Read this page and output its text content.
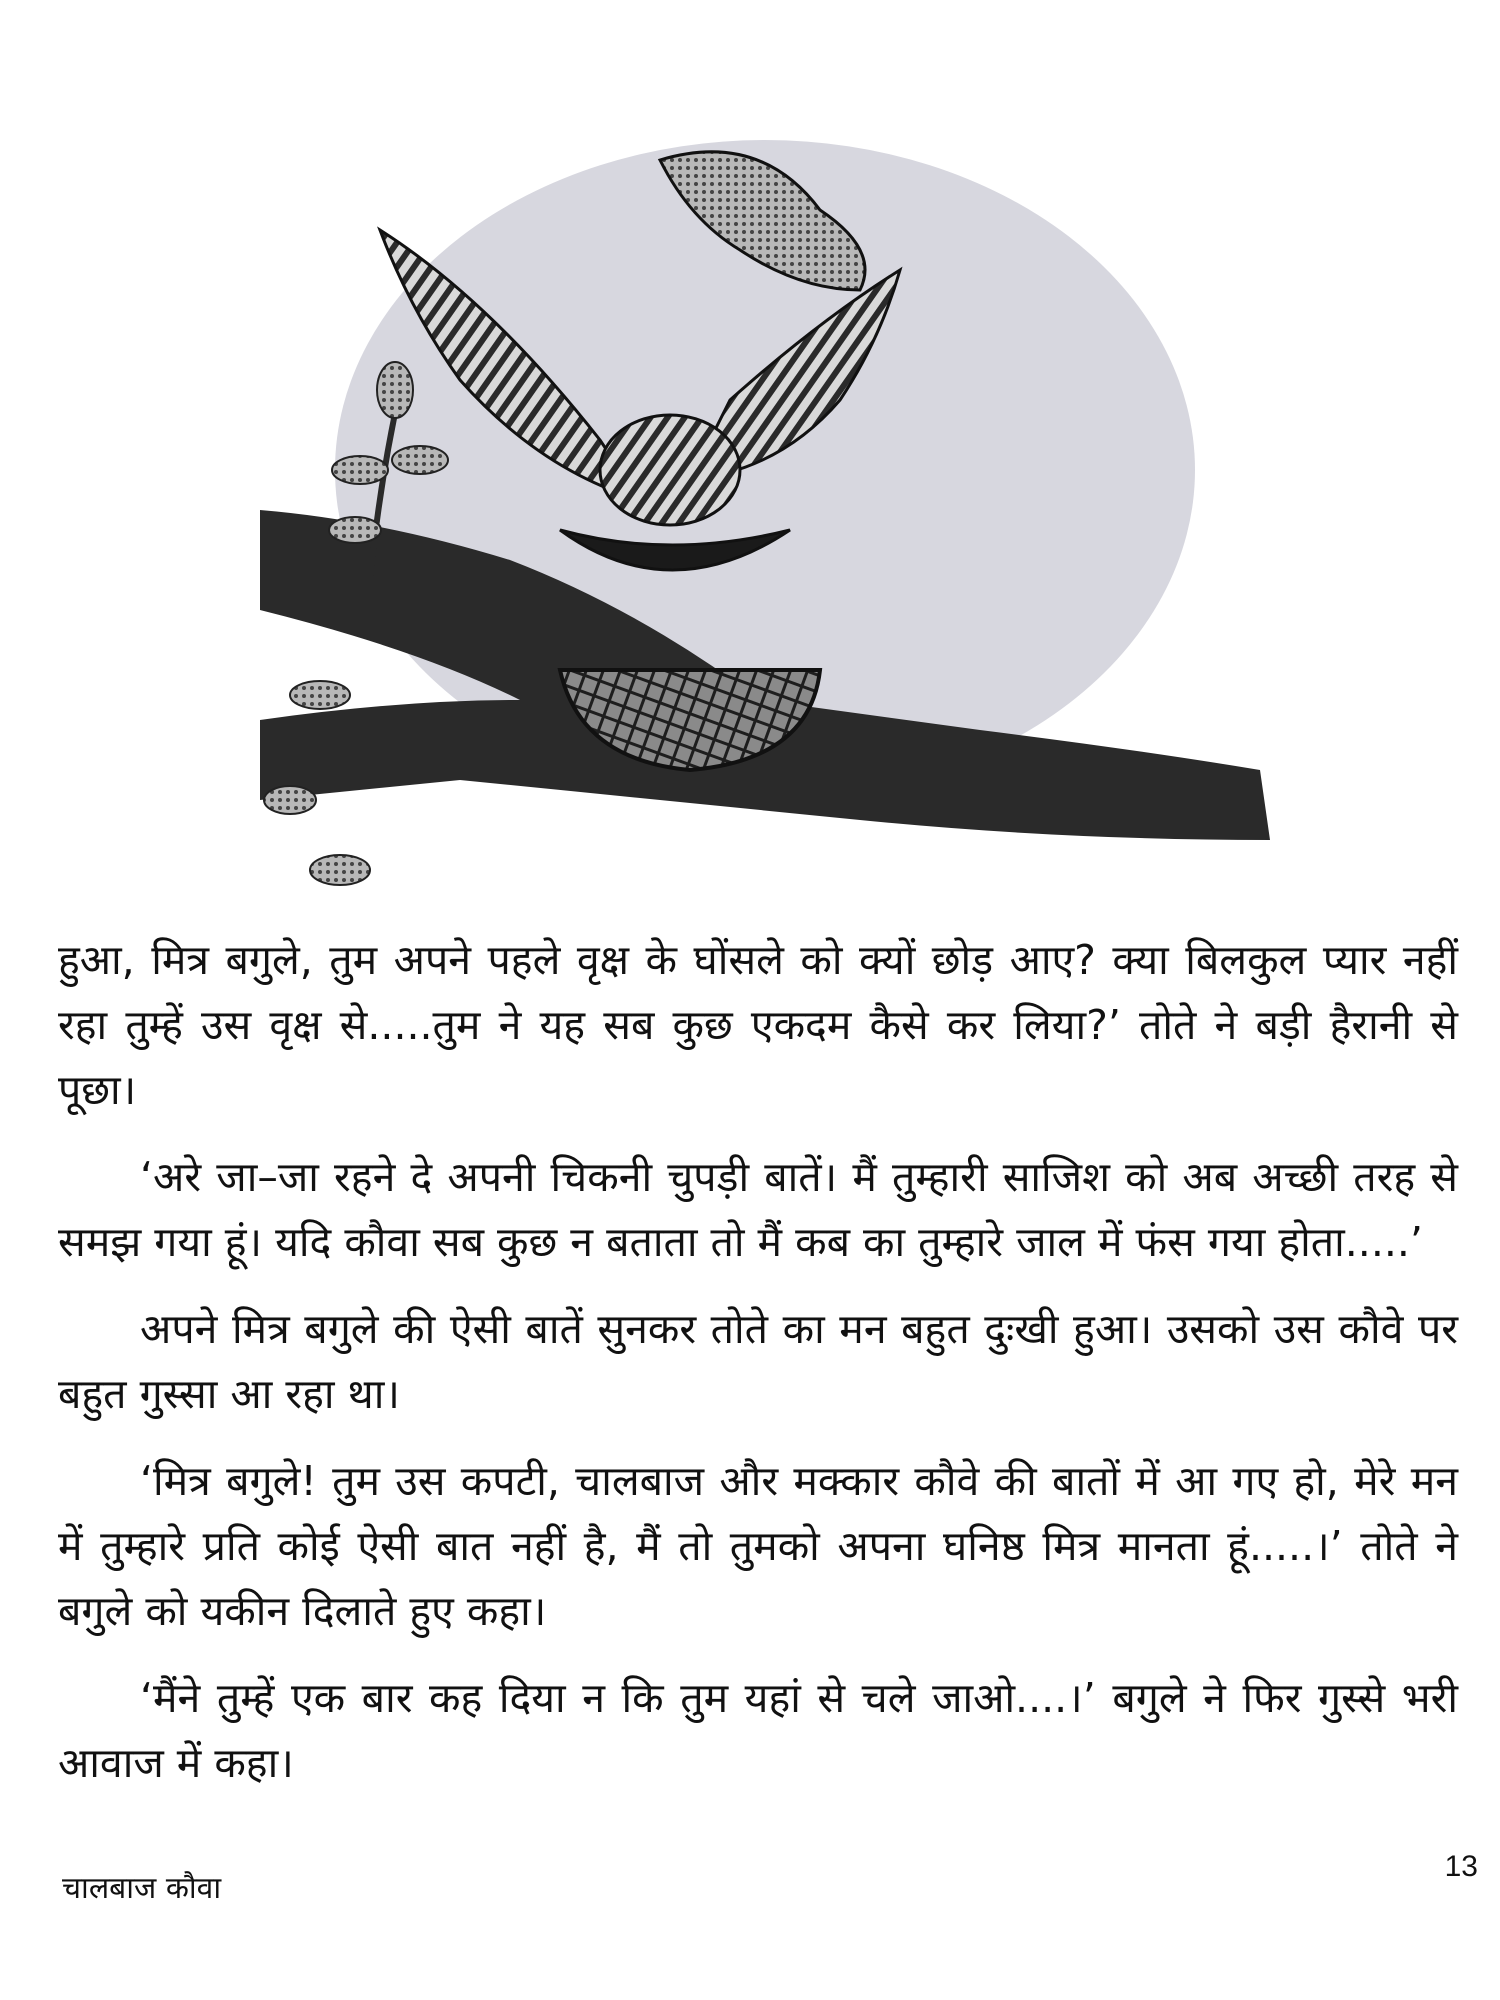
हुआ, मित्र बगुले, तुम अपने पहले वृक्ष के घोंसले को क्यों छोड़ आए? क्या बिलकुल प्यार नहीं रहा तुम्हें उस वृक्ष से.....तुम ने यह सब कुछ एकदम कैसे कर लिया?’ तोते ने बड़ी हैरानी से पूछा।

‘अरे जा–जा रहने दे अपनी चिकनी चुपड़ी बातें। मैं तुम्हारी साजिश को अब अच्छी तरह से समझ गया हूं। यदि कौवा सब कुछ न बताता तो मैं कब का तुम्हारे जाल में फंस गया होता.....’

अपने मित्र बगुले की ऐसी बातें सुनकर तोते का मन बहुत दुःखी हुआ। उसको उस कौवे पर बहुत गुस्सा आ रहा था।

‘मित्र बगुले! तुम उस कपटी, चालबाज और मक्कार कौवे की बातों में आ गए हो, मेरे मन में तुम्हारे प्रति कोई ऐसी बात नहीं है, मैं तो तुमको अपना घनिष्ठ मित्र मानता हूं.....।’ तोते ने बगुले को यकीन दिलाते हुए कहा।

‘मैंने तुम्हें एक बार कह दिया न कि तुम यहां से चले जाओ....।’ बगुले ने फिर गुस्से भरी आवाज में कहा।

चालबाज कौवा
13
